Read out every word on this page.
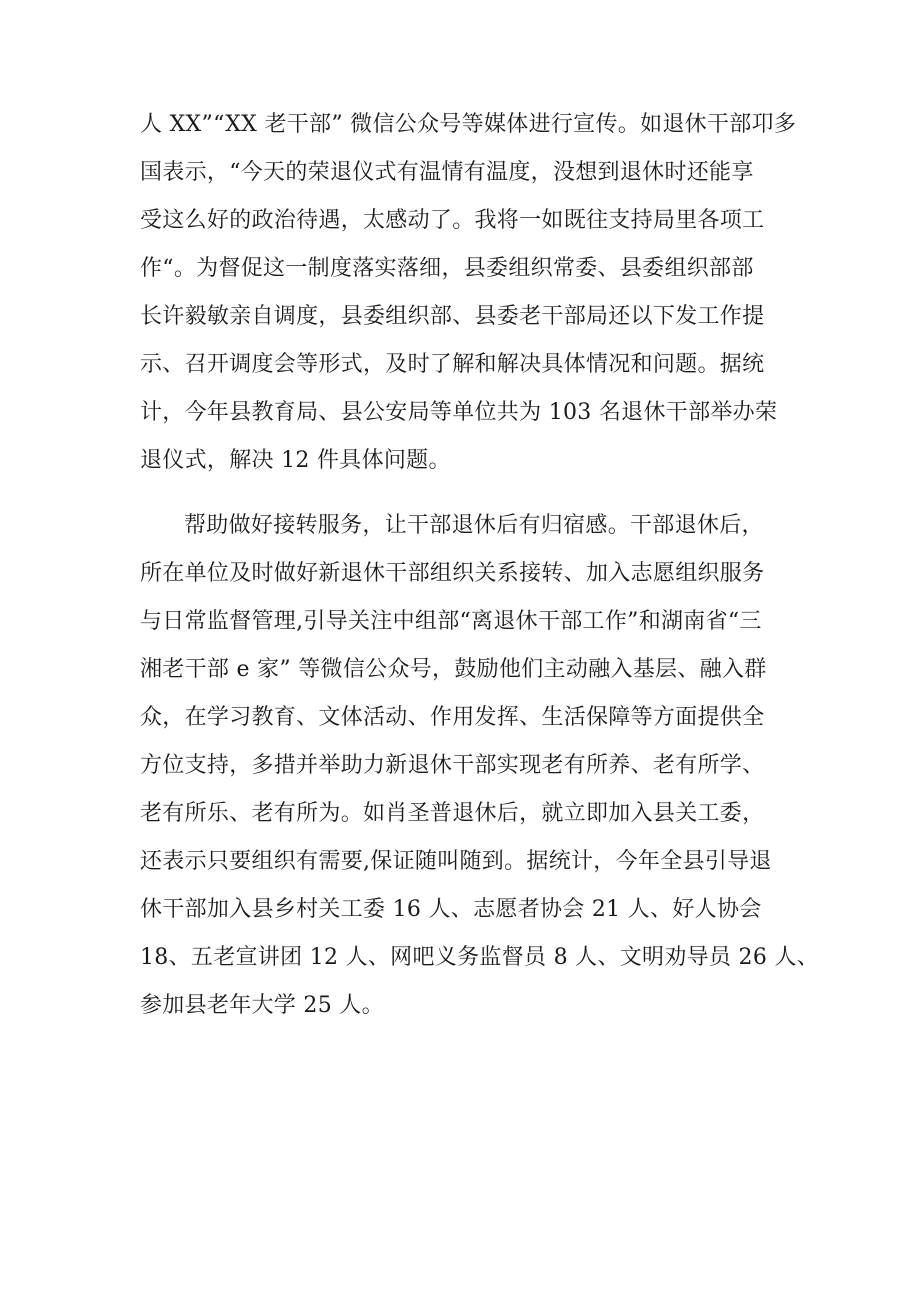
人 XX”“XX 老干部” 微信公众号等媒体进行宣传。如退休干部卭多
国表示，“今天的荣退仪式有温情有温度，没想到退休时还能享
受这么好的政治待遇，太感动了。我将一如既往支持局里各项工
作“。为督促这一制度落实落细，县委组织常委、县委组织部部
长许毅敏亲自调度，县委组织部、县委老干部局还以下发工作提
示、召开调度会等形式，及时了解和解决具体情况和问题。据统
计，今年县教育局、县公安局等单位共为 103 名退休干部举办荣
退仪式，解决 12 件具体问题。
帮助做好接转服务，让干部退休后有归宿感。干部退休后，
所在单位及时做好新退休干部组织关系接转、加入志愿组织服务
与日常监督管理,引导关注中组部“离退休干部工作”和湖南省“三
湘老干部 e 家” 等微信公众号，鼓励他们主动融入基层、融入群
众，在学习教育、文体活动、作用发挥、生活保障等方面提供全
方位支持，多措并举助力新退休干部实现老有所养、老有所学、
老有所乐、老有所为。如肖圣普退休后，就立即加入县关工委，
还表示只要组织有需要,保证随叫随到。据统计，今年全县引导退
休干部加入县乡村关工委 16 人、志愿者协会 21 人、好人协会
18、五老宣讲团 12 人、网吧义务监督员 8 人、文明劝导员 26 人、
参加县老年大学 25 人。
